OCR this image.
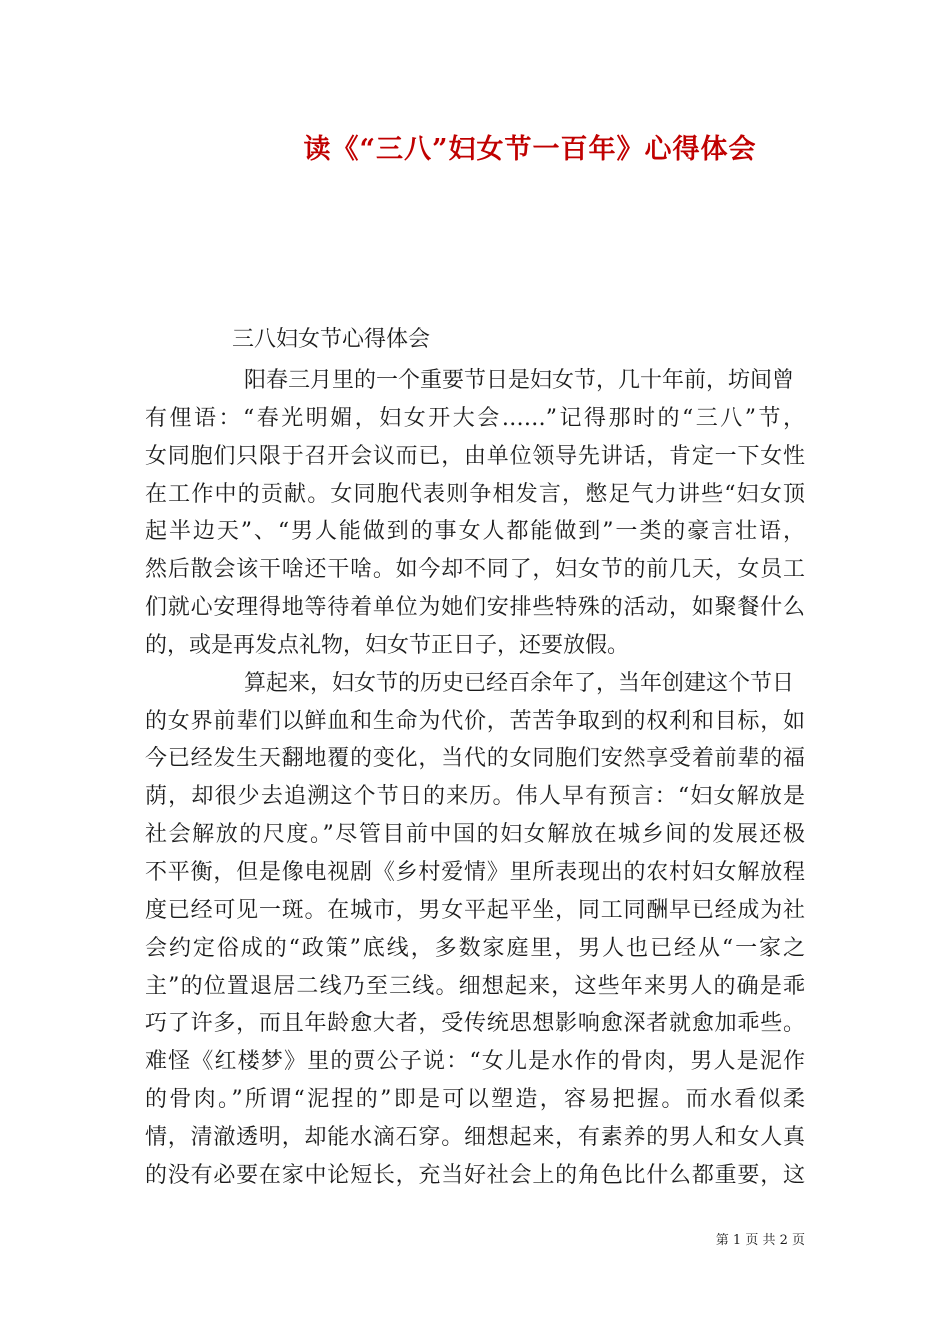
读《“三八”妇女节一百年》心得体会
三八妇女节心得体会
阳春三月里的一个重要节日是妇女节，几十年前，坊间曾
有俚语：“春光明媚，妇女开大会……”记得那时的“三八”节，
女同胞们只限于召开会议而已，由单位领导先讲话，肯定一下女性
在工作中的贡献。女同胞代表则争相发言，憋足气力讲些“妇女顶
起半边天”、“男人能做到的事女人都能做到”一类的豪言壮语，
然后散会该干啥还干啥。如今却不同了，妇女节的前几天，女员工
们就心安理得地等待着单位为她们安排些特殊的活动，如聚餐什么
的，或是再发点礼物，妇女节正日子，还要放假。
算起来，妇女节的历史已经百余年了，当年创建这个节日
的女界前辈们以鲜血和生命为代价，苦苦争取到的权利和目标，如
今已经发生天翻地覆的变化，当代的女同胞们安然享受着前辈的福
荫，却很少去追溯这个节日的来历。伟人早有预言：“妇女解放是
社会解放的尺度。”尽管目前中国的妇女解放在城乡间的发展还极
不平衡，但是像电视剧《乡村爱情》里所表现出的农村妇女解放程
度已经可见一斑。在城市，男女平起平坐，同工同酬早已经成为社
会约定俗成的“政策”底线，多数家庭里，男人也已经从“一家之
主”的位置退居二线乃至三线。细想起来，这些年来男人的确是乖
巧了许多，而且年龄愈大者，受传统思想影响愈深者就愈加乖些。
难怪《红楼梦》里的贾公子说：“女儿是水作的骨肉，男人是泥作
的骨肉。”所谓“泥捏的”即是可以塑造，容易把握。而水看似柔
情，清澈透明，却能水滴石穿。细想起来，有素养的男人和女人真
的没有必要在家中论短长，充当好社会上的角色比什么都重要，这
第 1 页 共 2 页
